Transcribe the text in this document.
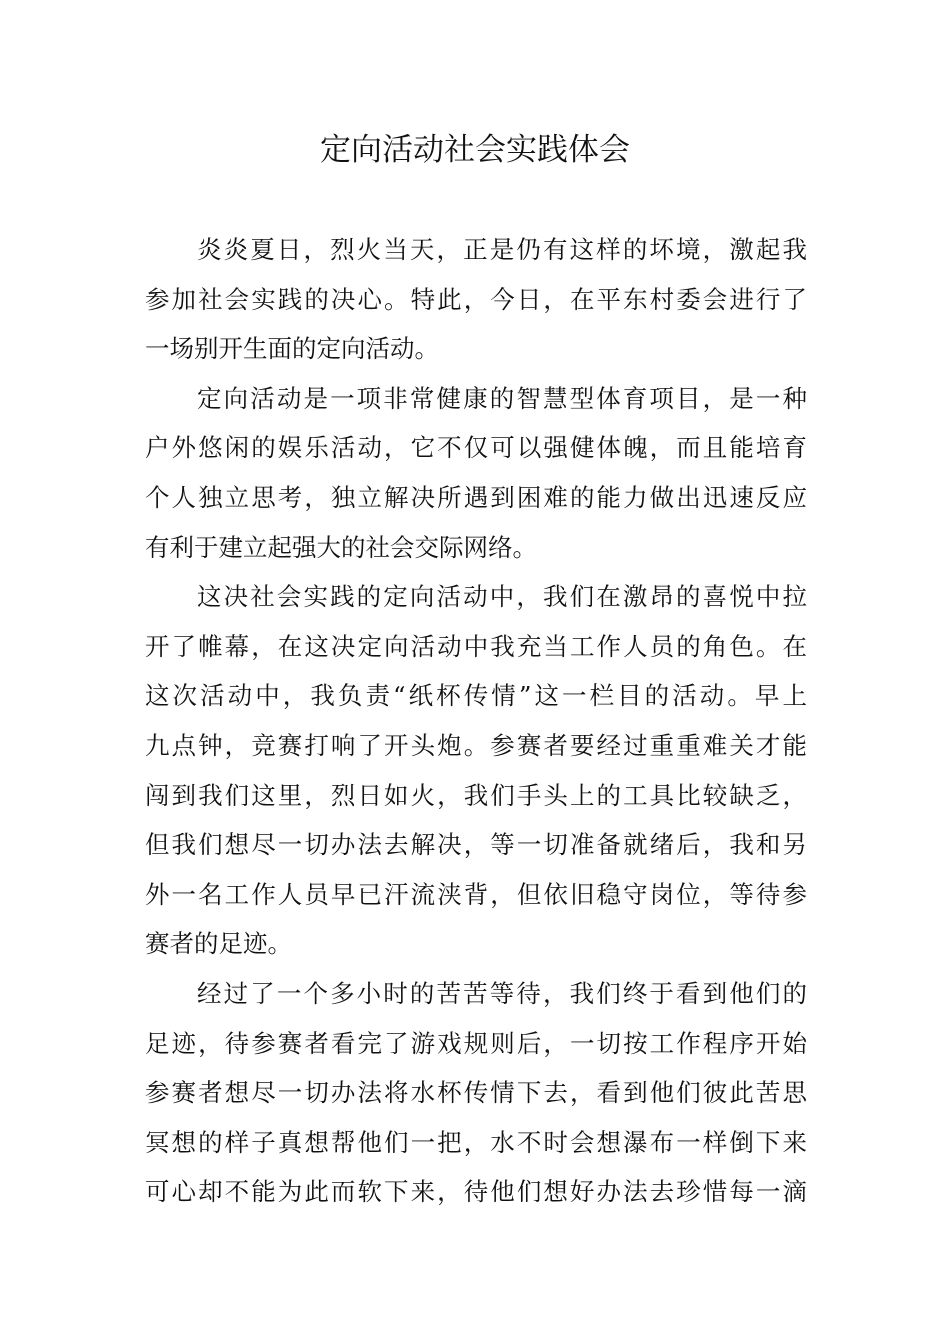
定向活动社会实践体会
炎炎夏日，烈火当天，正是仍有这样的坏境，激起我
参加社会实践的决心。特此，今日，在平东村委会进行了
一场别开生面的定向活动。
定向活动是一项非常健康的智慧型体育项目，是一种
户外悠闲的娱乐活动，它不仅可以强健体魄，而且能培育
个人独立思考，独立解决所遇到困难的能力做出迅速反应
有利于建立起强大的社会交际网络。
这决社会实践的定向活动中，我们在激昂的喜悦中拉
开了帷幕，在这决定向活动中我充当工作人员的角色。在
这次活动中，我负责“纸杯传情”这一栏目的活动。早上
九点钟，竞赛打响了开头炮。参赛者要经过重重难关才能
闯到我们这里，烈日如火，我们手头上的工具比较缺乏，
但我们想尽一切办法去解决，等一切准备就绪后，我和另
外一名工作人员早已汗流浃背，但依旧稳守岗位，等待参
赛者的足迹。
经过了一个多小时的苦苦等待，我们终于看到他们的
足迹，待参赛者看完了游戏规则后，一切按工作程序开始
参赛者想尽一切办法将水杯传情下去，看到他们彼此苦思
冥想的样子真想帮他们一把，水不时会想瀑布一样倒下来
可心却不能为此而软下来，待他们想好办法去珍惜每一滴
